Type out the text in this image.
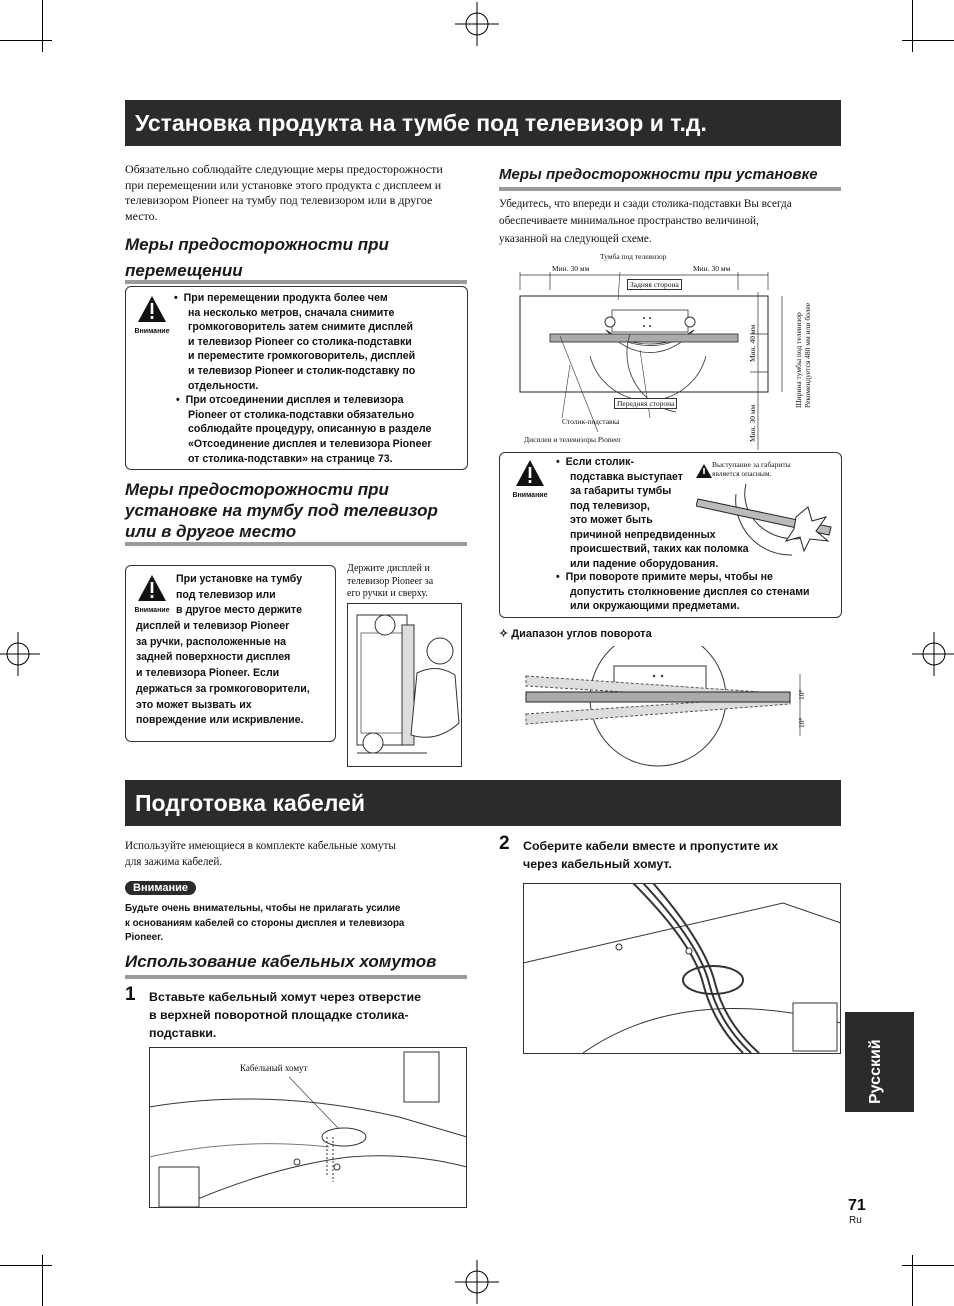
Установка продукта на тумбе под телевизор и т.д.
Обязательно соблюдайте следующие меры предосторожности при перемещении или установке этого продукта с дисплеем и телевизором Pioneer на тумбу под телевизором или в другое место.
Меры предосторожности при
перемещении
Внимание
•  При перемещении продукта более чем
на несколько метров, сначала снимите
громкоговоритель затем снимите дисплей
и телевизор Pioneer со столика-подставки
и переместите громкоговоритель, дисплей
и телевизор Pioneer и столик-подставку по
отдельности.
•  При отсоединении дисплея и телевизора
Pioneer от столика-подставки обязательно
соблюдайте процедуру, описанную в разделе
«Отсоединение дисплея и телевизора Pioneer
от столика-подставки» на странице 73.
Меры предосторожности при
установке на тумбу под телевизор
или в другое место
Внимание
При установке на тумбу
под телевизор или
в другое место держите
дисплей и телевизор Pioneer
за ручки, расположенные на
задней поверхности дисплея
и телевизора Pioneer. Если
держаться за громкоговорители,
это может вызвать их
повреждение или искривление.
Держите дисплей и
телевизор Pioneer за
его ручки и сверху.
Меры предосторожности при установке
Убедитесь, что впереди и сзади столика-подставки Вы всегда
обеспечиваете минимальное пространство величиной,
указанной на следующей схеме.
Тумба под телевизор
Мин. 30 мм	Мин. 30 мм
Задняя сторона
Передняя сторона
Столик-подставка
Дисплеи и телевизоры Pioneer
Мин. 40 мм
Мин. 30 мм
Ширина тумбы под телевизор Рекомендуется 480 мм или более
Внимание
•  Если столик-
подставка выступает
за габариты тумбы
под телевизор,
это может быть
причиной непредвиденных
происшествий, таких как поломка
или падение оборудования.
•  При повороте примите меры, чтобы не
допустить столкновение дисплея со стенами
или окружающими предметами.
Выступание за габариты
является опасным.
✧ Диапазон углов поворота
10°
10°
Подготовка кабелей
Используйте имеющиеся в комплекте кабельные хомуты
для зажима кабелей.
Внимание
Будьте очень внимательны, чтобы не прилагать усилие
к основаниям кабелей со стороны дисплея и телевизора
Pioneer.
Использование кабельных хомутов
1 Вставьте кабельный хомут через отверстие
в верхней поворотной площадке столика-
подставки.
Кабельный хомут
2 Соберите кабели вместе и пропустите их
через кабельный хомут.
Русский
71
Ru
